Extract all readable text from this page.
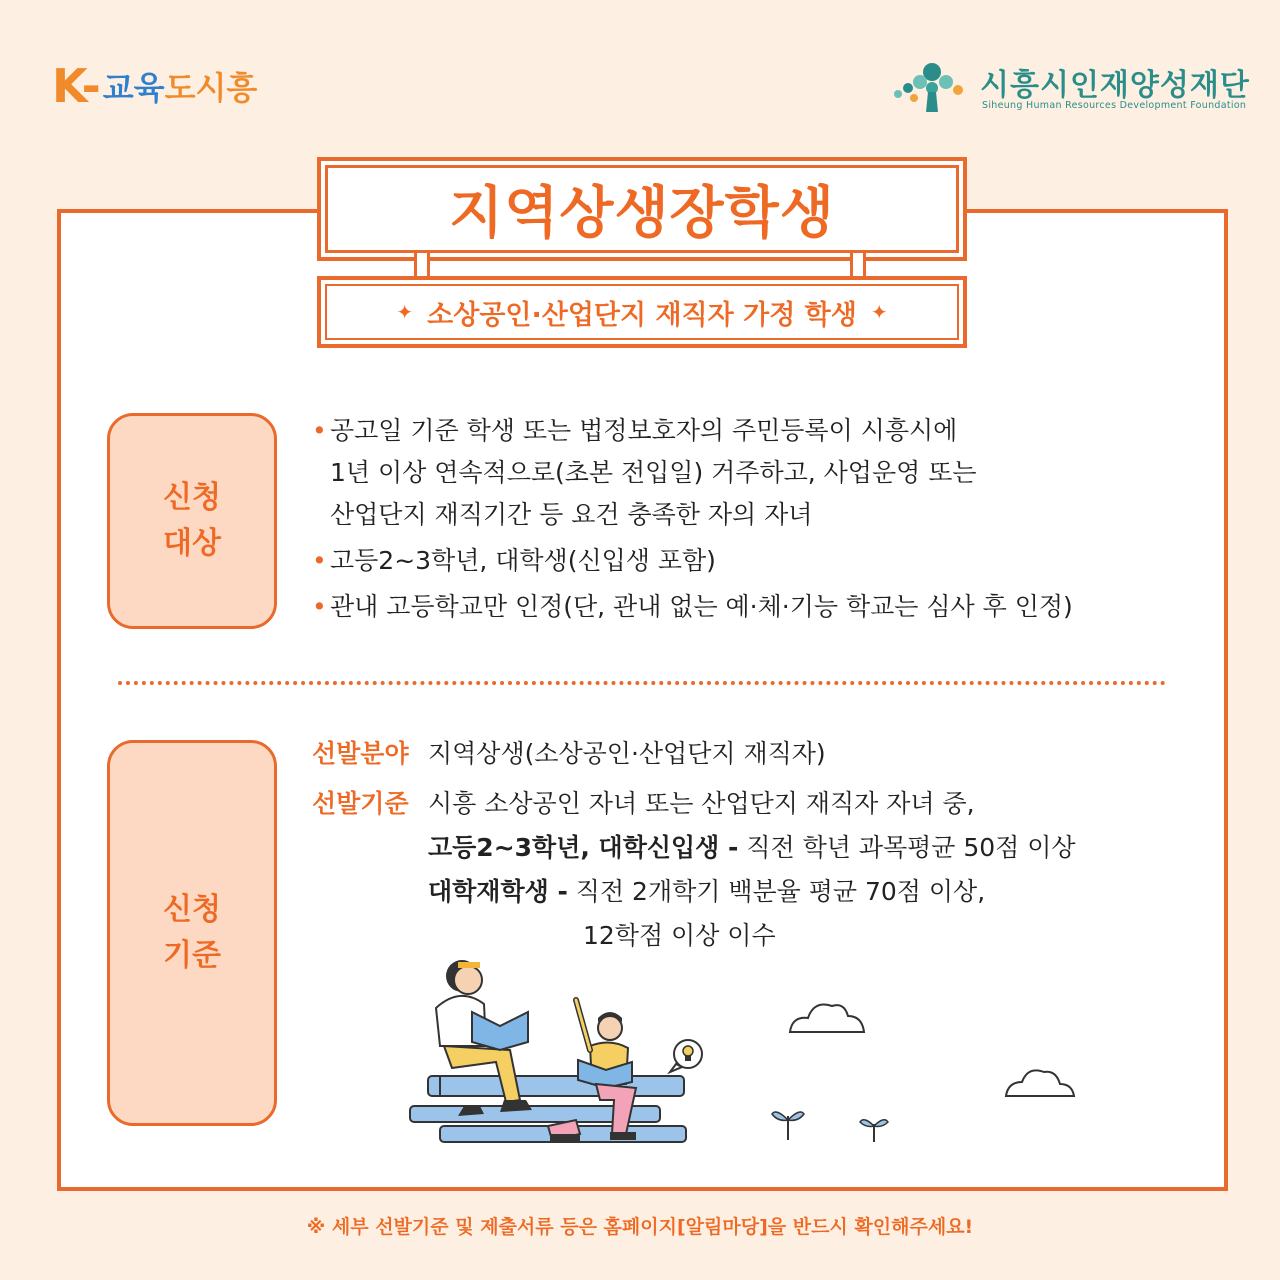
K- 교육도시흥	시흥시인재양성재단
Siheung Human Resources Development Foundation
지역상생장학생
✦ 소상공인·산업단지 재직자 가정 학생 ✦
신청
대상
• 공고일 기준 학생 또는 법정보호자의 주민등록이 시흥시에
1년 이상 연속적으로(초본 전입일) 거주하고, 사업운영 또는
산업단지 재직기간 등 요건 충족한 자의 자녀
• 고등2~3학년, 대학생(신입생 포함)
• 관내 고등학교만 인정(단, 관내 없는 예·체·기능 학교는 심사 후 인정)
신청
기준
선발분야 지역상생(소상공인·산업단지 재직자)
선발기준 시흥 소상공인 자녀 또는 산업단지 재직자 자녀 중,
고등2~3학년, 대학신입생 - 직전 학년 과목평균 50점 이상
대학재학생 - 직전 2개학기 백분율 평균 70점 이상,
12학점 이상 이수
※ 세부 선발기준 및 제출서류 등은 홈페이지[알림마당]을 반드시 확인해주세요!
